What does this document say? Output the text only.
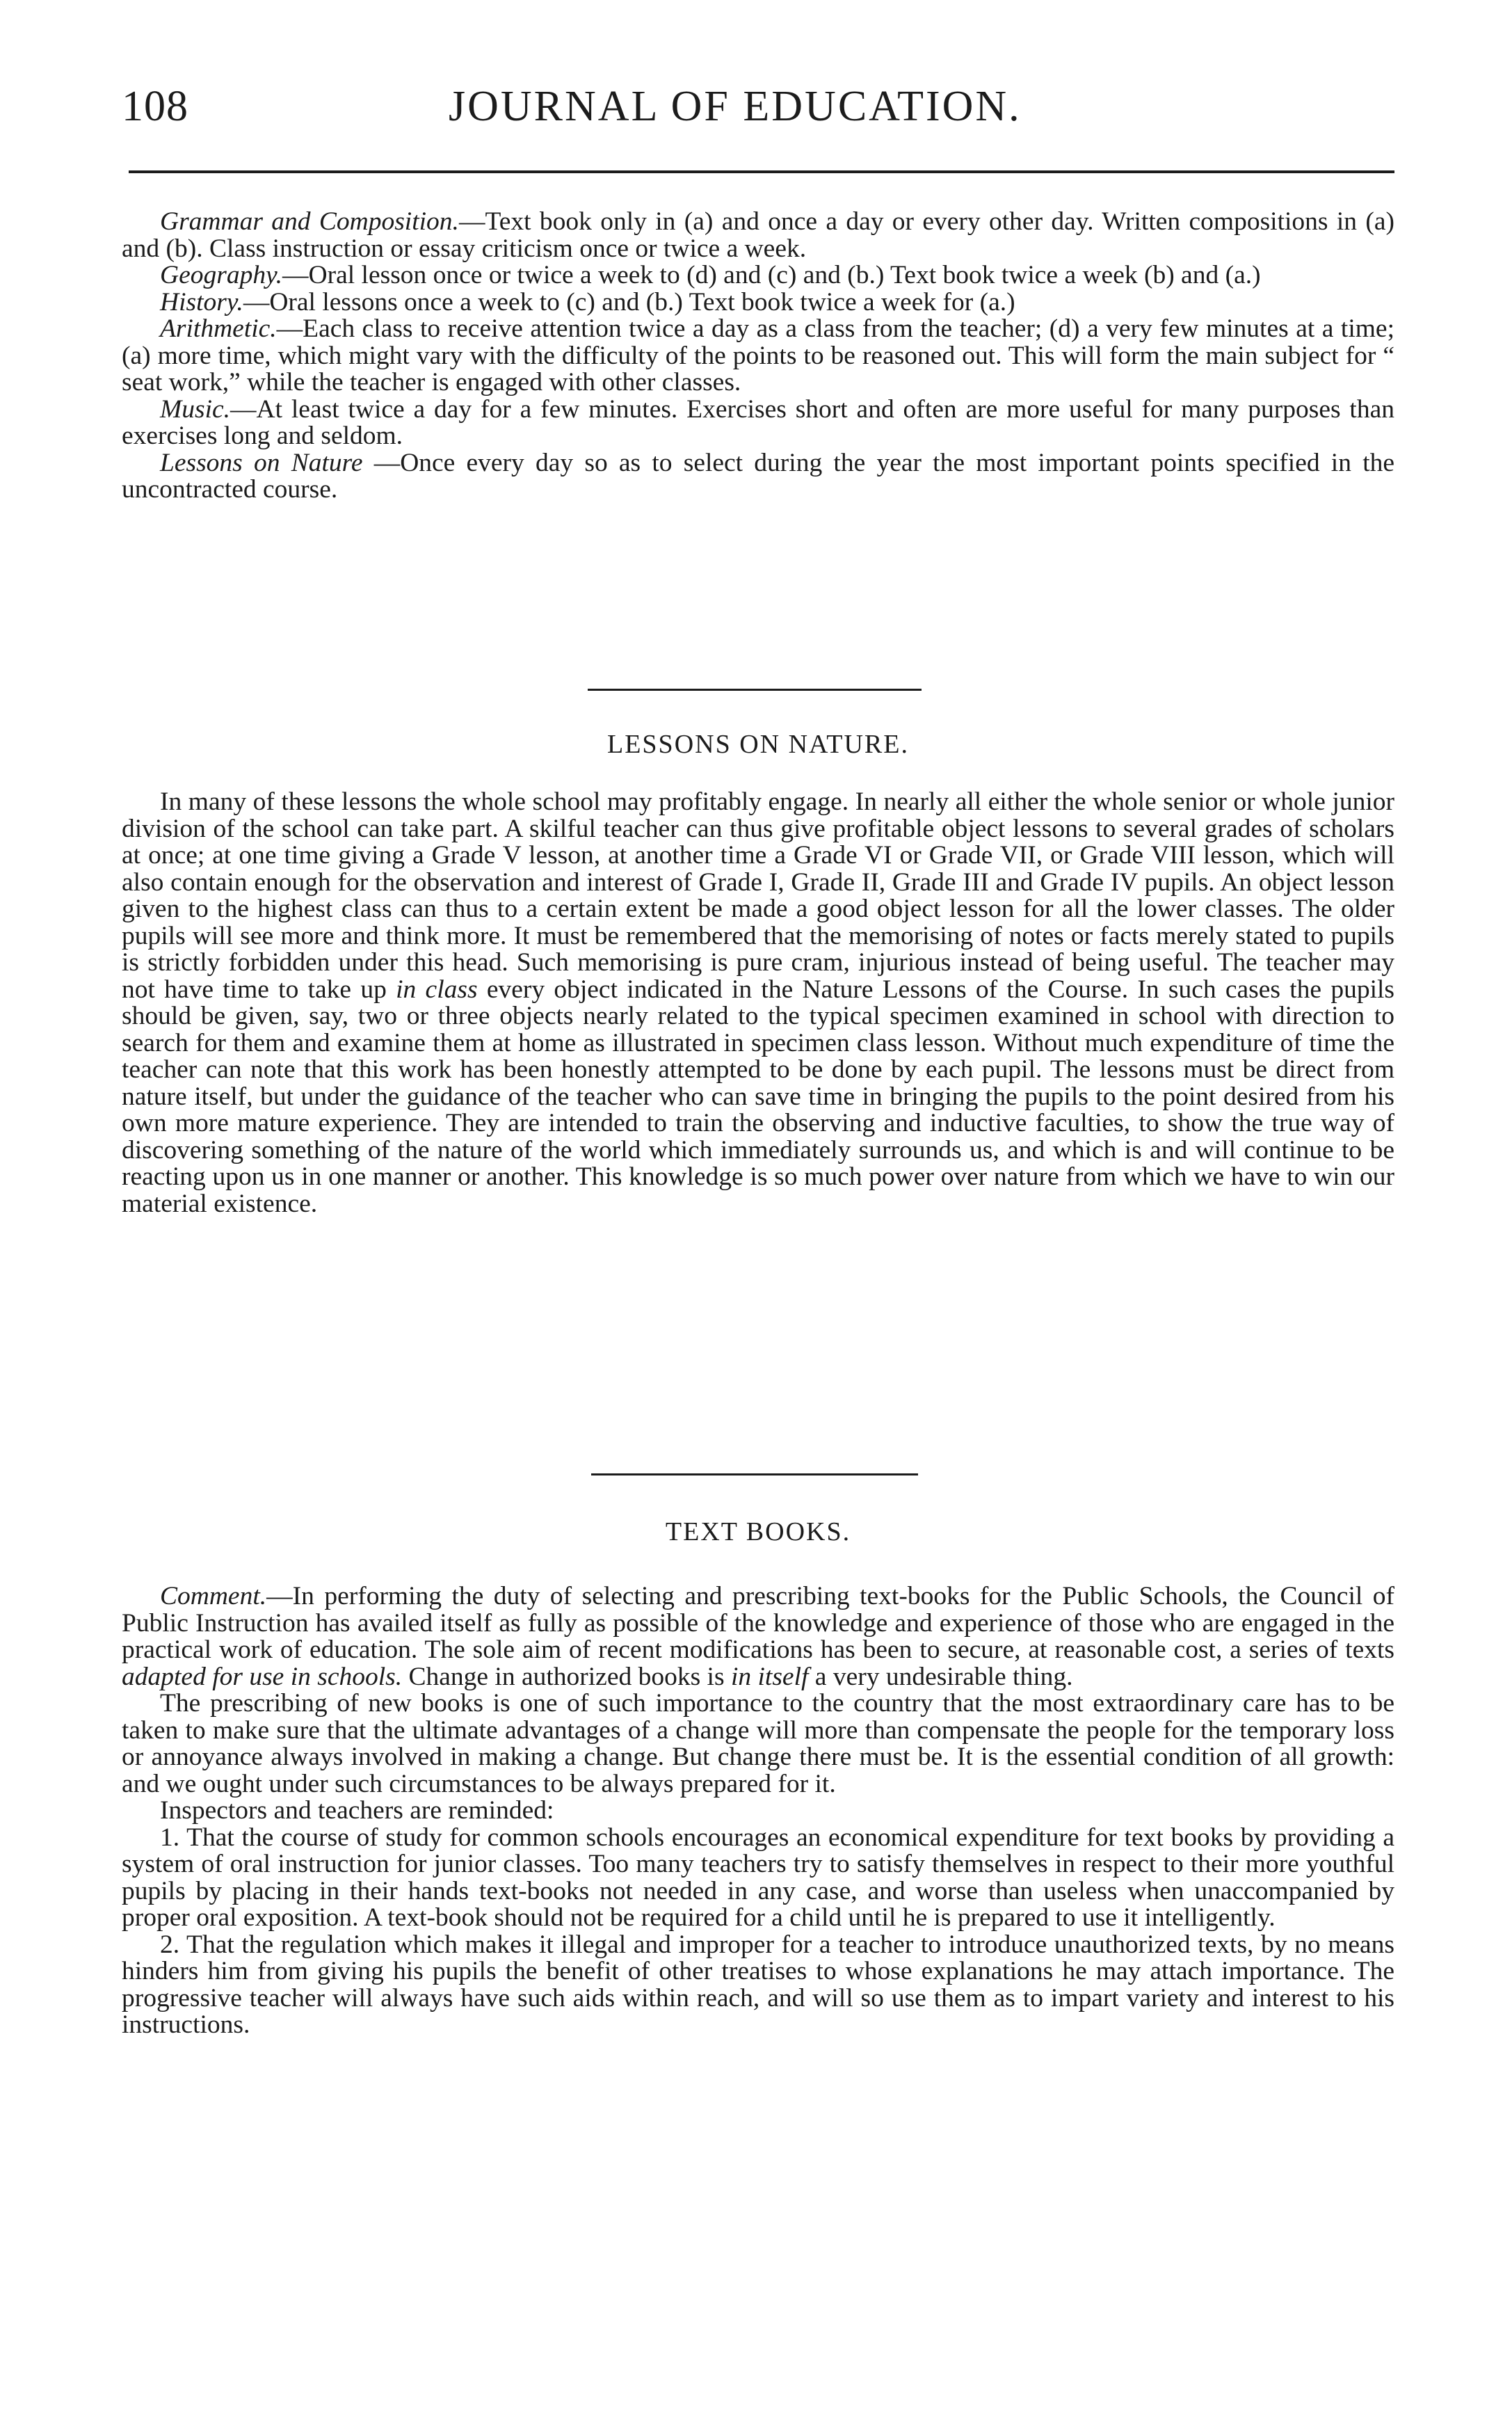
108	JOURNAL OF EDUCATION.

Grammar and Composition.—Text book only in (a) and once a day or every other day. Written compositions in (a) and (b). Class instruction or essay criticism once or twice a week.

Geography.—Oral lesson once or twice a week to (d) and (c) and (b.) Text book twice a week (b) and (a.)

History.—Oral lessons once a week to (c) and (b.) Text book twice a week for (a.)

Arithmetic.—Each class to receive attention twice a day as a class from the teacher; (d) a very few minutes at a time; (a) more time, which might vary with the difficulty of the points to be reasoned out. This will form the main subject for “ seat work,” while the teacher is engaged with other classes.

Music.—At least twice a day for a few minutes. Exercises short and often are more useful for many purposes than exercises long and seldom.

Lessons on Nature —Once every day so as to select during the year the most important points specified in the uncontracted course.

LESSONS ON NATURE.

In many of these lessons the whole school may profitably engage. In nearly all either the whole senior or whole junior division of the school can take part. A skilful teacher can thus give profitable object lessons to several grades of scholars at once; at one time giving a Grade V lesson, at another time a Grade VI or Grade VII, or Grade VIII lesson, which will also contain enough for the observation and interest of Grade I, Grade II, Grade III and Grade IV pupils. An object lesson given to the highest class can thus to a certain extent be made a good object lesson for all the lower classes. The older pupils will see more and think more. It must be remembered that the memorising of notes or facts merely stated to pupils is strictly forbidden under this head. Such memorising is pure cram, injurious instead of being useful. The teacher may not have time to take up in class every object indicated in the Nature Lessons of the Course. In such cases the pupils should be given, say, two or three objects nearly related to the typical specimen examined in school with direction to search for them and examine them at home as illustrated in specimen class lesson. Without much expenditure of time the teacher can note that this work has been honestly attempted to be done by each pupil. The lessons must be direct from nature itself, but under the guidance of the teacher who can save time in bringing the pupils to the point desired from his own more mature experience. They are intended to train the observing and inductive faculties, to show the true way of discovering something of the nature of the world which immediately surrounds us, and which is and will continue to be reacting upon us in one manner or another. This knowledge is so much power over nature from which we have to win our material existence.

TEXT BOOKS.

Comment.—In performing the duty of selecting and prescribing text-books for the Public Schools, the Council of Public Instruction has availed itself as fully as possible of the knowledge and experience of those who are engaged in the practical work of education. The sole aim of recent modifications has been to secure, at reasonable cost, a series of texts adapted for use in schools. Change in authorized books is in itself a very undesirable thing.

The prescribing of new books is one of such importance to the country that the most extraordinary care has to be taken to make sure that the ultimate advantages of a change will more than compensate the people for the temporary loss or annoyance always involved in making a change. But change there must be. It is the essential condition of all growth: and we ought under such circumstances to be always prepared for it.

Inspectors and teachers are reminded:

1. That the course of study for common schools encourages an economical expenditure for text books by providing a system of oral instruction for junior classes. Too many teachers try to satisfy themselves in respect to their more youthful pupils by placing in their hands text-books not needed in any case, and worse than useless when unaccompanied by proper oral exposition. A text-book should not be required for a child until he is prepared to use it intelligently.

2. That the regulation which makes it illegal and improper for a teacher to introduce unauthorized texts, by no means hinders him from giving his pupils the benefit of other treatises to whose explanations he may attach importance. The progressive teacher will always have such aids within reach, and will so use them as to impart variety and interest to his instructions.
